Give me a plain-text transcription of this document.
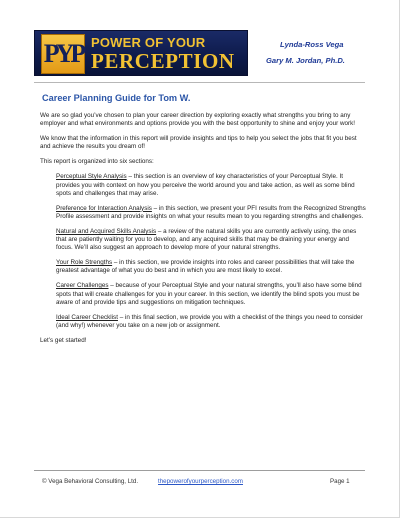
PYP POWER OF YOUR
PERCEPTION
Lynda-Ross Vega
Gary M. Jordan, Ph.D.
Career Planning Guide for Tom W.

We are so glad you’ve chosen to plan your career direction by exploring exactly what strengths you bring to any employer and what environments and options provide you with the best opportunity to shine and enjoy your work!

We know that the information in this report will provide insights and tips to help you select the jobs that fit you best and achieve the results you dream of!

This report is organized into six sections:

Perceptual Style Analysis – this section is an overview of key characteristics of your Perceptual Style. It provides you with context on how you perceive the world around you and take action, as well as some blind spots and challenges that may arise.
Preference for Interaction Analysis – in this section, we present your PFI results from the Recognized Strengths Profile assessment and provide insights on what your results mean to you regarding strengths and challenges.
Natural and Acquired Skills Analysis – a review of the natural skills you are currently actively using, the ones that are patiently waiting for you to develop, and any acquired skills that may be draining your energy and focus. We’ll also suggest an approach to develop more of your natural strengths.
Your Role Strengths – in this section, we provide insights into roles and career possibilities that will take the greatest advantage of what you do best and in which you are most likely to excel.
Career Challenges – because of your Perceptual Style and your natural strengths, you’ll also have some blind spots that will create challenges for you in your career. In this section, we identify the blind spots you must be aware of and provide tips and suggestions on mitigation techniques.
Ideal Career Checklist – in this final section, we provide you with a checklist of the things you need to consider (and why!) whenever you take on a new job or assignment.

Let’s get started!

© Vega Behavioral Consulting, Ltd.	thepowerofyourperception.com	Page 1
